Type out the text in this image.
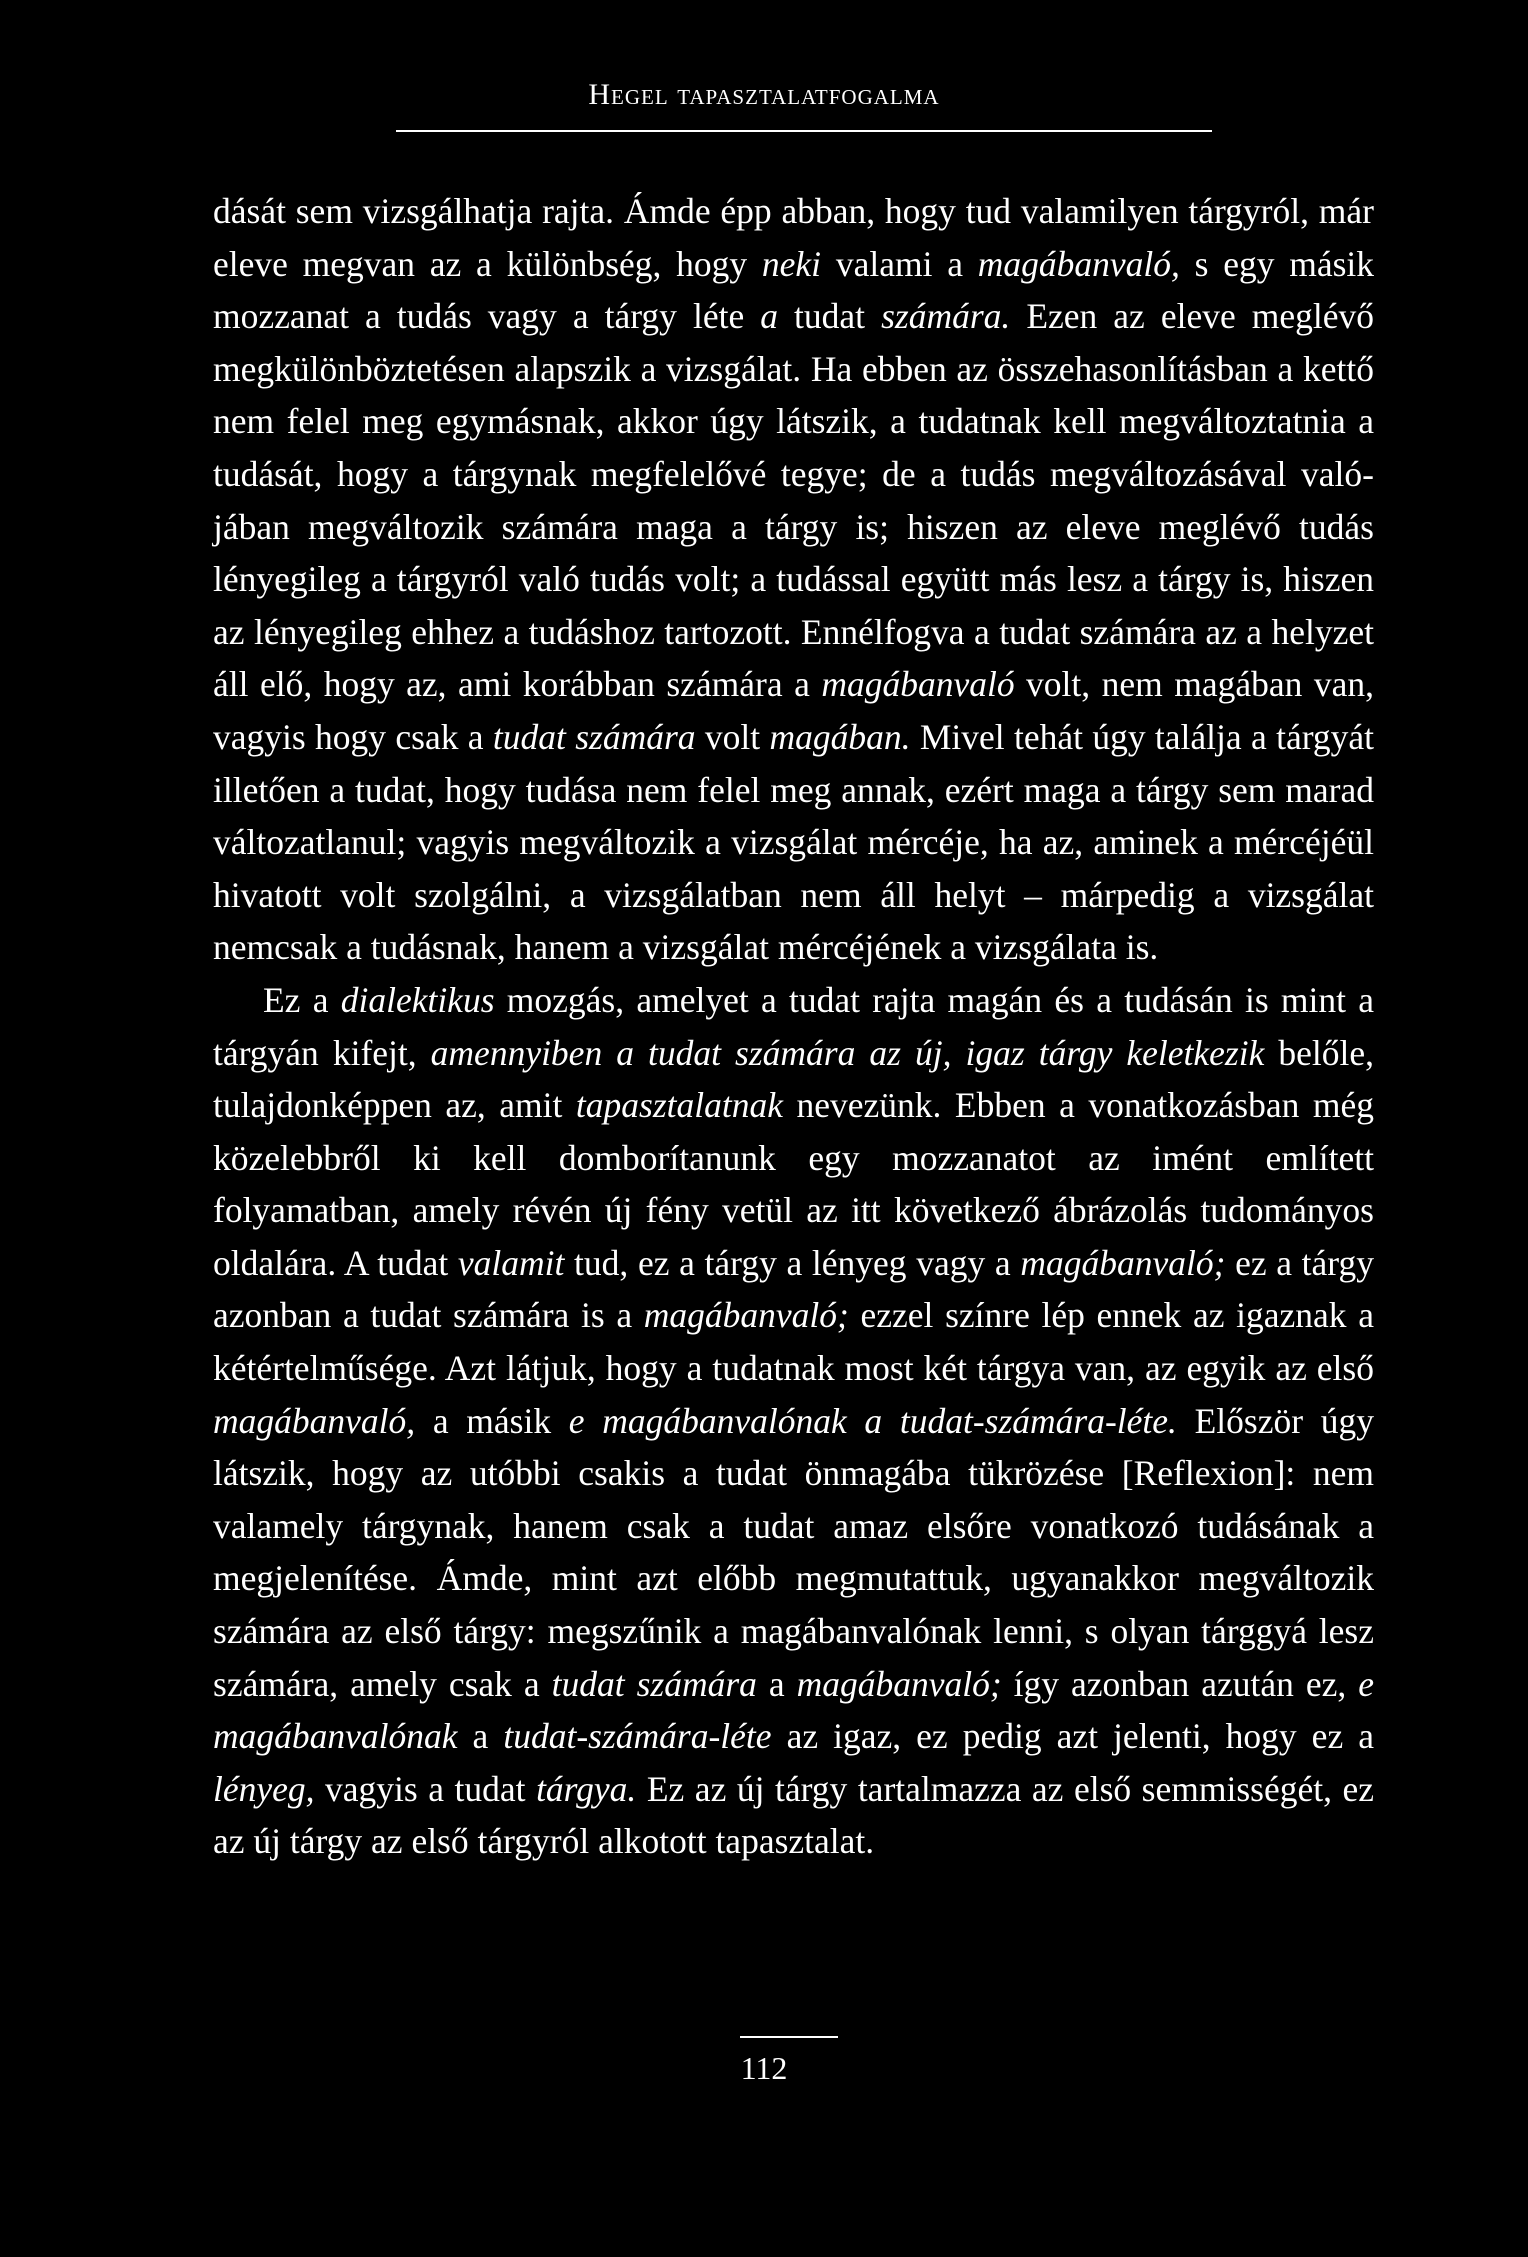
Hegel tapasztalatfogalma

dását sem vizsgálhatja rajta. Ámde épp abban, hogy tud valamilyen tárgyról, már eleve megvan az a különbség, hogy neki valami a magábanvaló, s egy másik mozzanat a tudás vagy a tárgy léte a tudat számára. Ezen az eleve meglévő megkülönböztetésen alapszik a vizsgálat. Ha ebben az összehasonlításban a kettő nem felel meg egymásnak, akkor úgy látszik, a tudatnak kell megváltoztatnia a tudását, hogy a tárgynak megfelelővé tegye; de a tudás megváltozásával valójában megváltozik számára maga a tárgy is; hiszen az eleve meglévő tudás lényegileg a tárgyról való tudás volt; a tudással együtt más lesz a tárgy is, hiszen az lényegileg ehhez a tudáshoz tartozott. Ennélfogva a tudat számára az a helyzet áll elő, hogy az, ami korábban számára a magábanvaló volt, nem magában van, vagyis hogy csak a tudat számára volt magában. Mivel tehát úgy találja a tárgyát illetően a tudat, hogy tudása nem felel meg annak, ezért maga a tárgy sem marad változatlanul; vagyis megváltozik a vizsgálat mércéje, ha az, aminek a mércéjéül hivatott volt szolgálni, a vizsgálatban nem áll helyt – márpedig a vizsgálat nemcsak a tudásnak, hanem a vizsgálat mércéjének a vizsgálata is.

Ez a dialektikus mozgás, amelyet a tudat rajta magán és a tudásán is mint a tárgyán kifejt, amennyiben a tudat számára az új, igaz tárgy keletkezik belőle, tulajdonképpen az, amit tapasztalatnak nevezünk. Ebben a vonatkozásban még közelebbről ki kell domborítanunk egy mozzanatot az imént említett folyamatban, amely révén új fény vetül az itt következő ábrázolás tudományos oldalára. A tudat valamit tud, ez a tárgy a lényeg vagy a magábanvaló; ez a tárgy azonban a tudat számára is a magábanvaló; ezzel színre lép ennek az igaznak a kétértelműsége. Azt látjuk, hogy a tudatnak most két tárgya van, az egyik az első magábanvaló, a másik e magábanvalónak a tudat-számára-léte. Először úgy látszik, hogy az utóbbi csakis a tudat önmagába tükrözése [Reflexion]: nem valamely tárgynak, hanem csak a tudat amaz elsőre vonatkozó tudásának a megjelenítése. Ámde, mint azt előbb megmutattuk, ugyanakkor megváltozik számára az első tárgy: megszűnik a magábanvalónak lenni, s olyan tárggyá lesz számára, amely csak a tudat számára a magábanvaló; így azonban azután ez, e magábanvalónak a tudat-számára-léte az igaz, ez pedig azt jelenti, hogy ez a lényeg, vagyis a tudat tárgya. Ez az új tárgy tartalmazza az első semmisségét, ez az új tárgy az első tárgyról alkotott tapasztalat.

112
